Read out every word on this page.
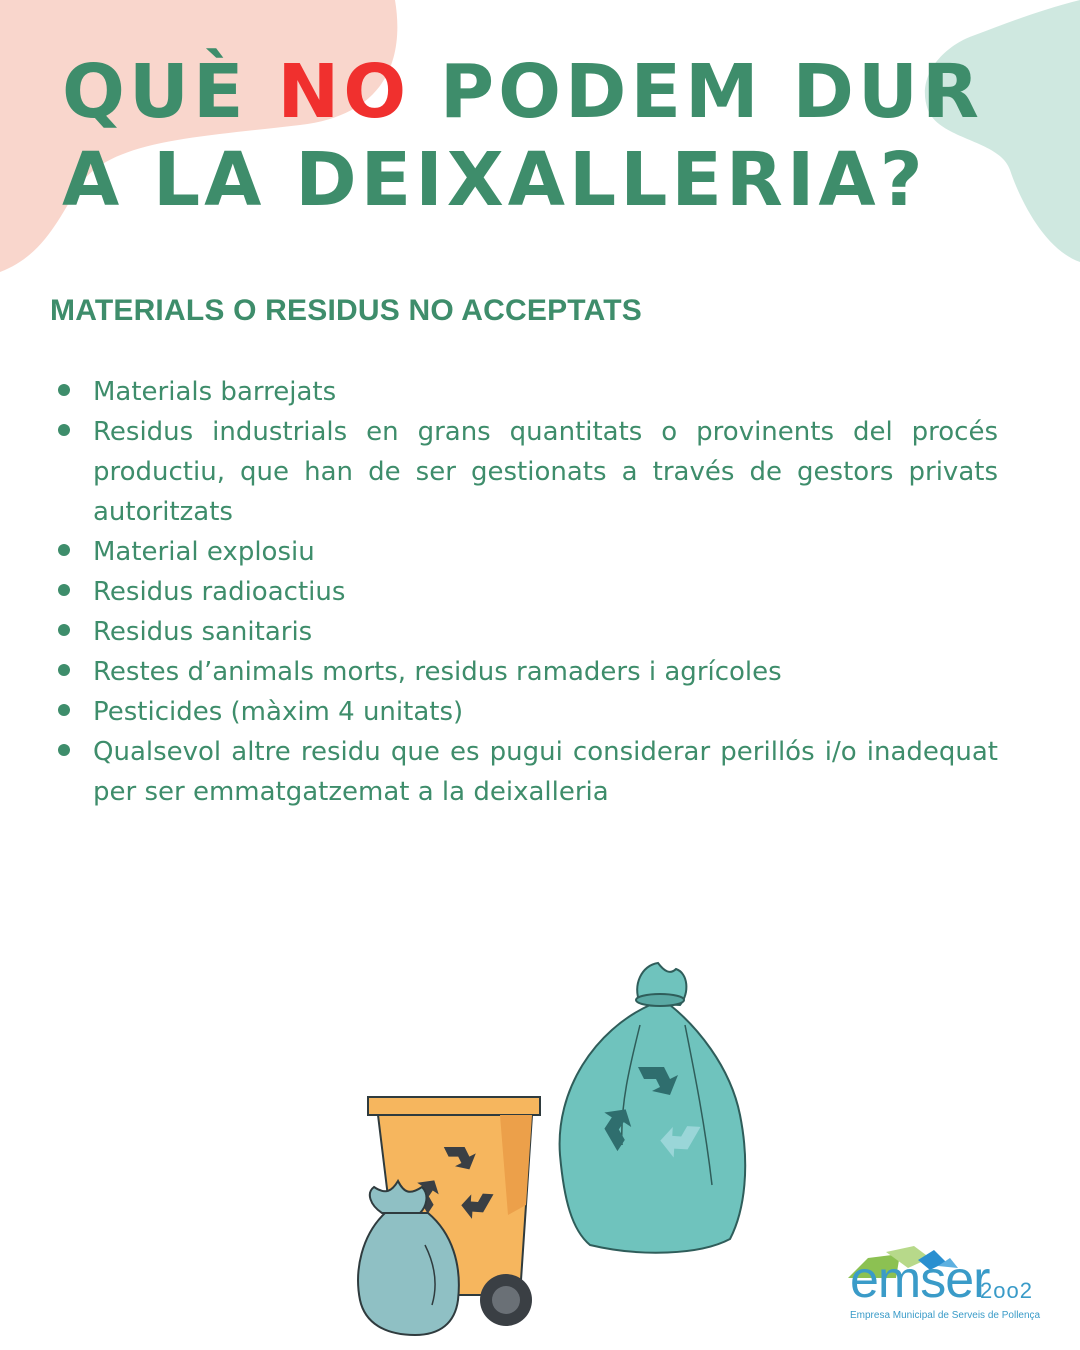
QUÈ NO PODEM DUR
A LA DEIXALLERIA?
MATERIALS O RESIDUS NO ACCEPTATS
Materials barrejats
Residus industrials en grans quantitats o provinents del procés productiu, que han de ser gestionats a través de gestors privats autoritzats
Material explosiu
Residus radioactius
Residus sanitaris
Restes d’animals morts, residus ramaders i agrícoles
Pesticides (màxim 4 unitats)
Qualsevol altre residu que es pugui considerar perillós i/o inadequat per ser emmatgatzemat a la deixalleria
emser
2oo2
Empresa Municipal de Serveis de Pollença
